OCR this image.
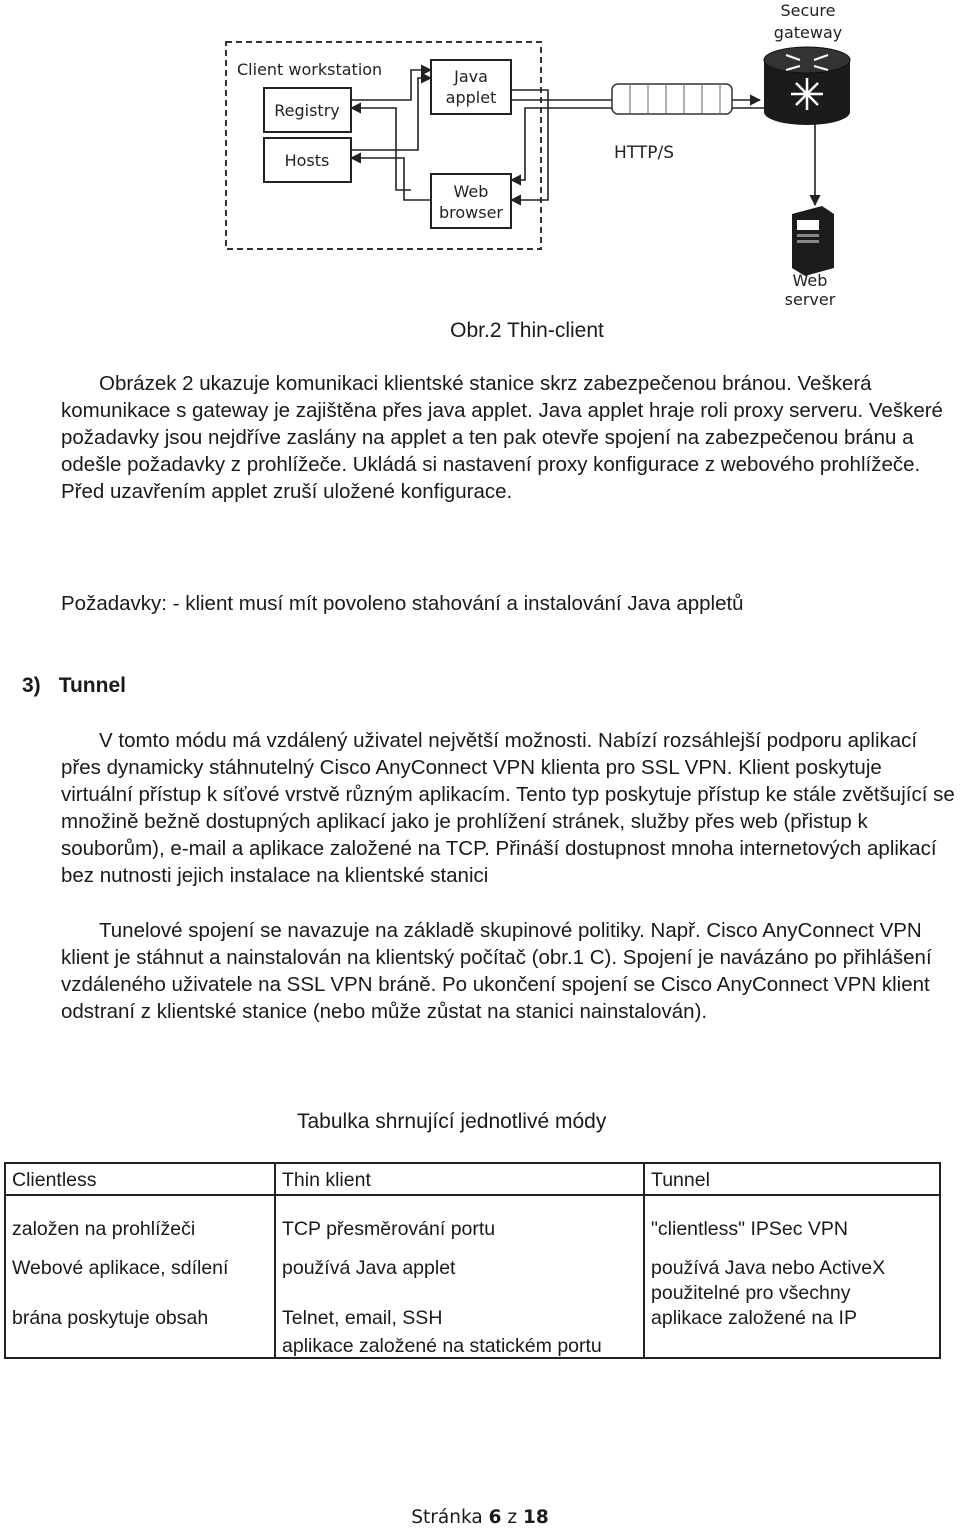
Client workstation
Registry
Hosts
Java
applet
Web
browser
HTTP/S
Secure
gateway
Web
server
Obr.2 Thin-client

Obrázek 2 ukazuje komunikaci klientské stanice skrz zabezpečenou bránou. Veškerá komunikace s gateway je zajištěna přes java applet. Java applet hraje roli proxy serveru. Veškeré požadavky jsou nejdříve zaslány na applet a ten pak otevře spojení na zabezpečenou bránu a odešle požadavky z prohlížeče. Ukládá si nastavení proxy konfigurace z webového prohlížeče. Před uzavřením applet zruší uložené konfigurace.

Požadavky: - klient musí mít povoleno stahování a instalování Java appletů

3) Tunnel

V tomto módu má vzdálený uživatel největší možnosti. Nabízí rozsáhlejší podporu aplikací přes dynamicky stáhnutelný Cisco AnyConnect VPN klienta pro SSL VPN. Klient poskytuje virtuální přístup k síťové vrstvě různým aplikacím. Tento typ poskytuje přístup ke stále zvětšující se množině bežně dostupných aplikací jako je prohlížení stránek, služby přes web (přistup k souborům), e-mail a aplikace založené na TCP. Přináší dostupnost mnoha internetových aplikací bez nutnosti jejich instalace na klientské stanici

Tunelové spojení se navazuje na základě skupinové politiky. Např. Cisco AnyConnect VPN klient je stáhnut a nainstalován na klientský počítač (obr.1 C). Spojení je navázáno po přihlášení vzdáleného uživatele na SSL VPN bráně. Po ukončení spojení se Cisco AnyConnect VPN klient odstraní z klientské stanice (nebo může zůstat na stanici nainstalován).

Tabulka shrnující jednotlivé módy
Clientless
založen na prohlížeči
Webové aplikace, sdílení
brána poskytuje obsah
Thin klient
TCP přesměrování portu
používá Java applet
Telnet, email, SSH
aplikace založené na statickém portu
Tunnel
"clientless" IPSec VPN
používá Java nebo ActiveX
použitelné pro všechny
aplikace založené na IP
Stránka 6 z 18
